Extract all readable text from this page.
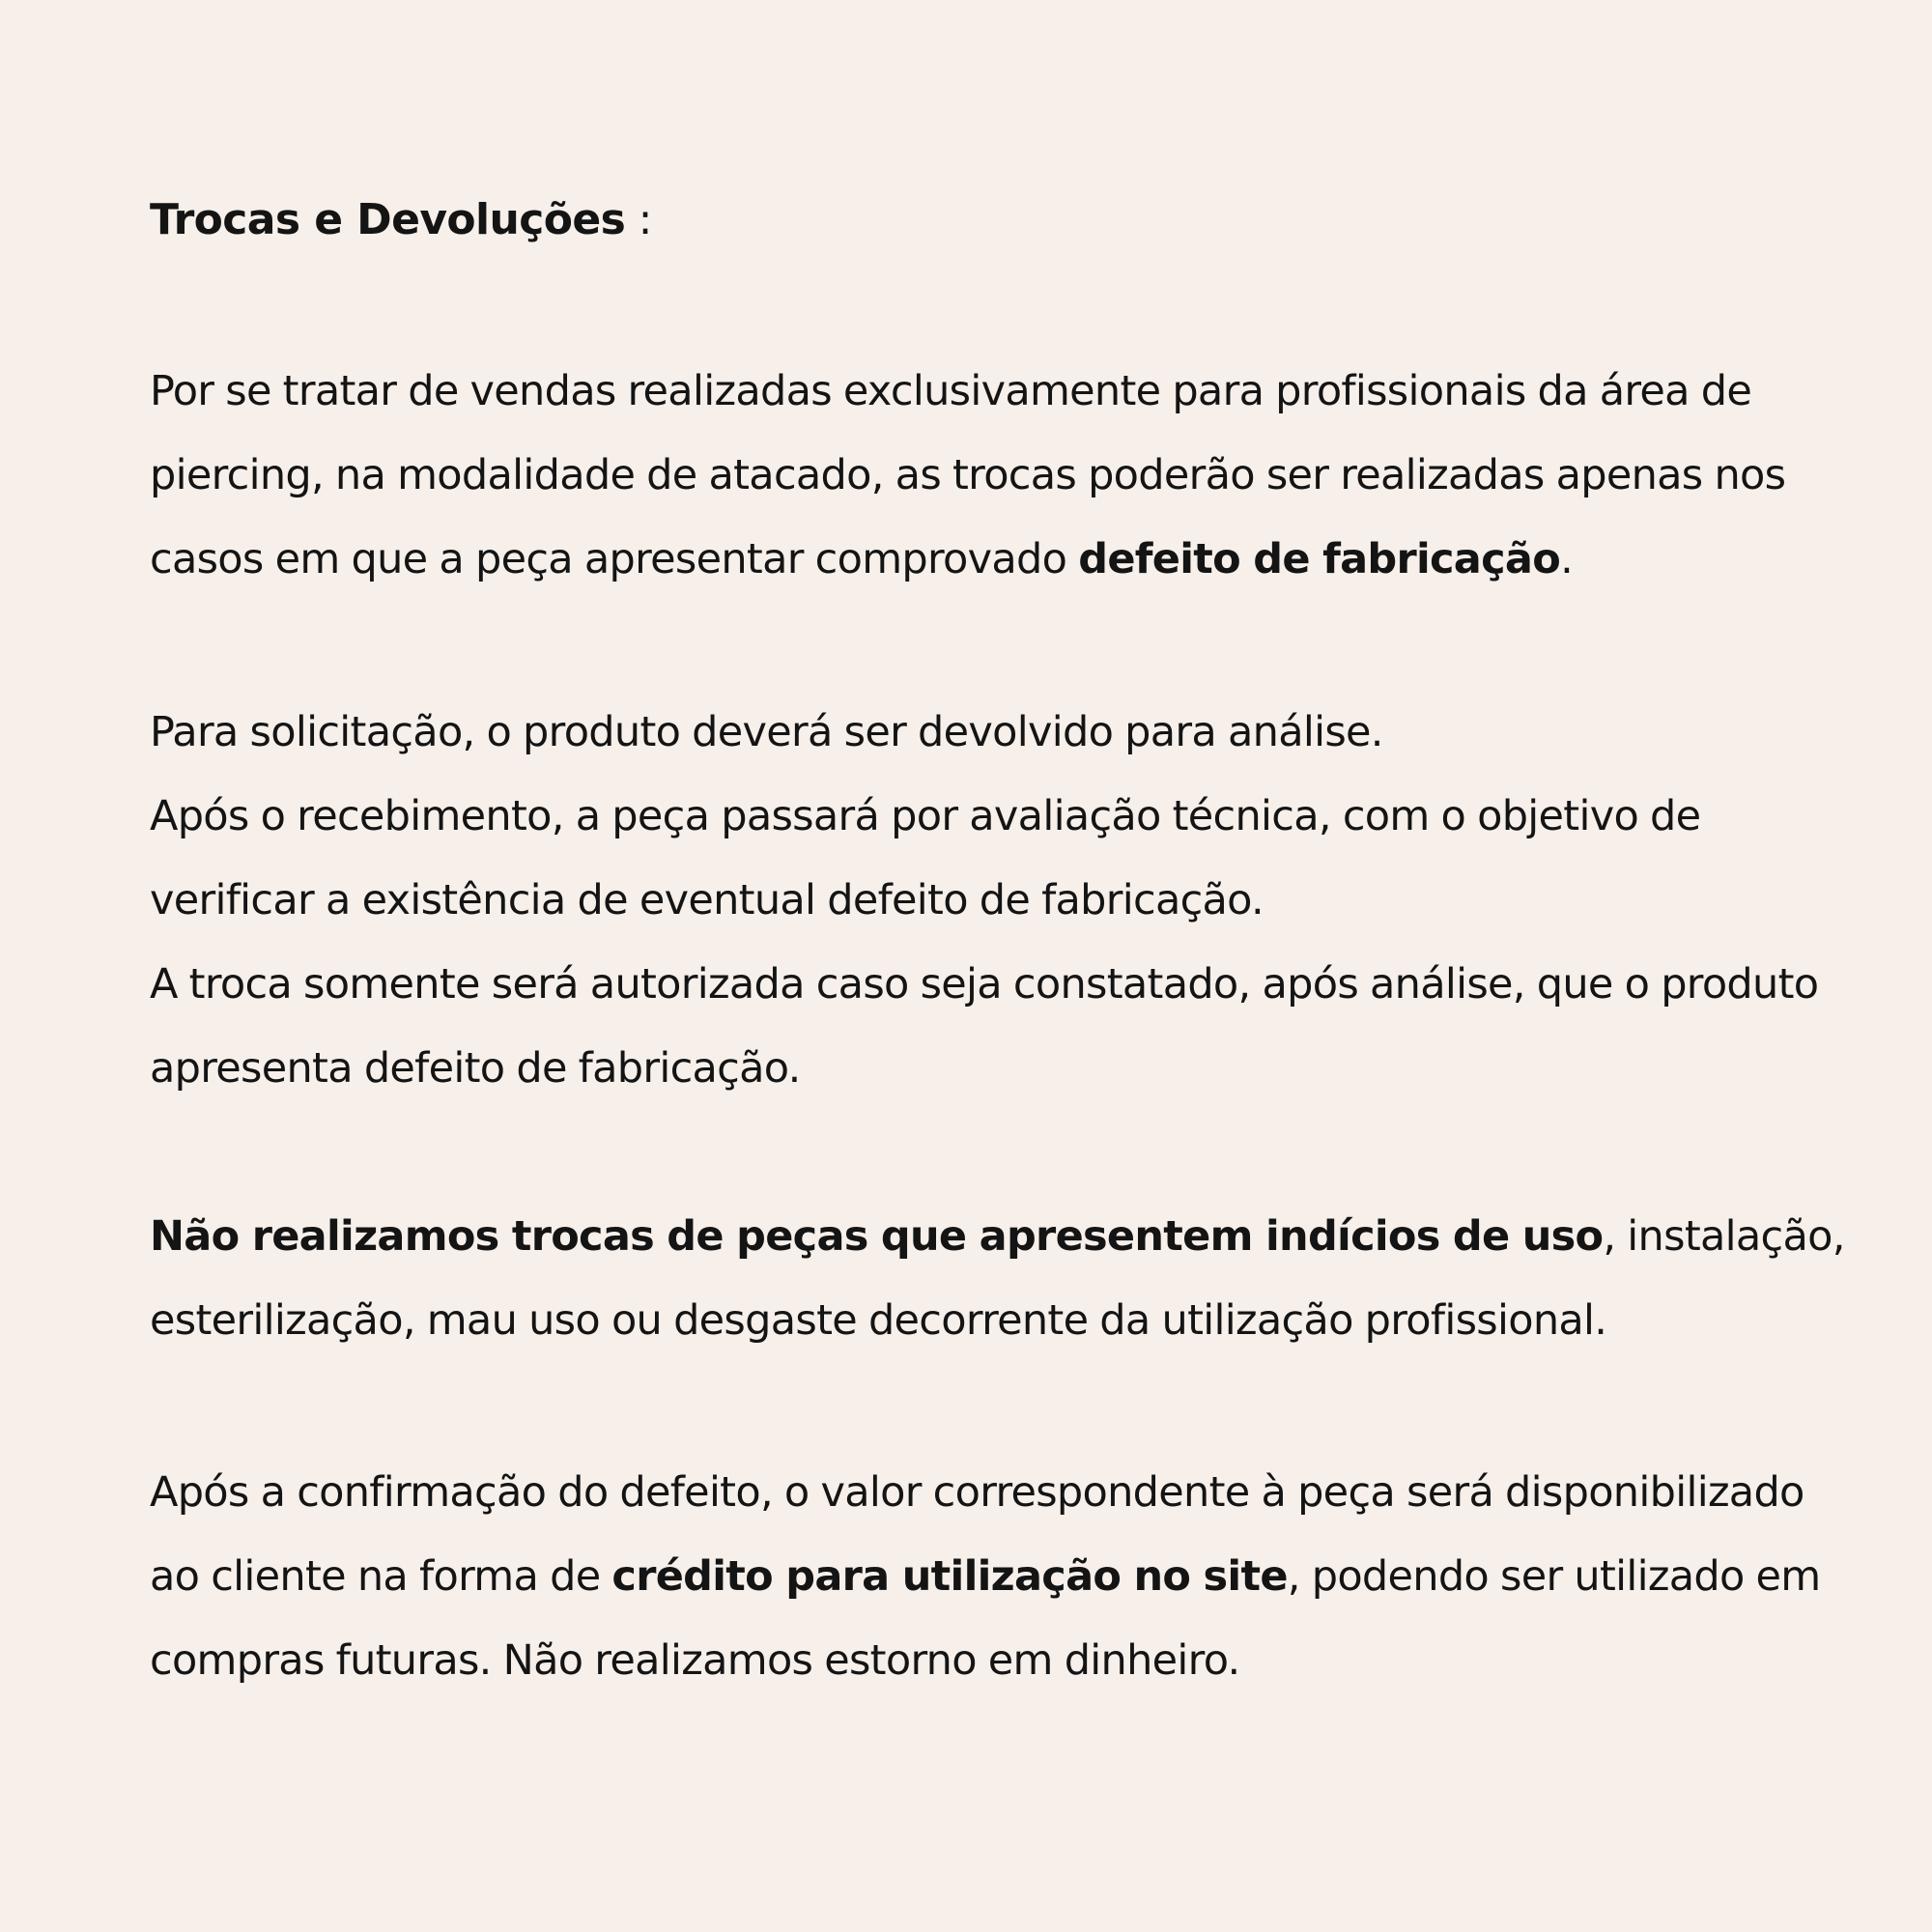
Trocas e Devoluções :

Por se tratar de vendas realizadas exclusivamente para profissionais da área de
piercing, na modalidade de atacado, as trocas poderão ser realizadas apenas nos
casos em que a peça apresentar comprovado defeito de fabricação.

Para solicitação, o produto deverá ser devolvido para análise.
Após o recebimento, a peça passará por avaliação técnica, com o objetivo de
verificar a existência de eventual defeito de fabricação.
A troca somente será autorizada caso seja constatado, após análise, que o produto
apresenta defeito de fabricação.

Não realizamos trocas de peças que apresentem indícios de uso, instalação,
esterilização, mau uso ou desgaste decorrente da utilização profissional.

Após a confirmação do defeito, o valor correspondente à peça será disponibilizado
ao cliente na forma de crédito para utilização no site, podendo ser utilizado em
compras futuras. Não realizamos estorno em dinheiro.
